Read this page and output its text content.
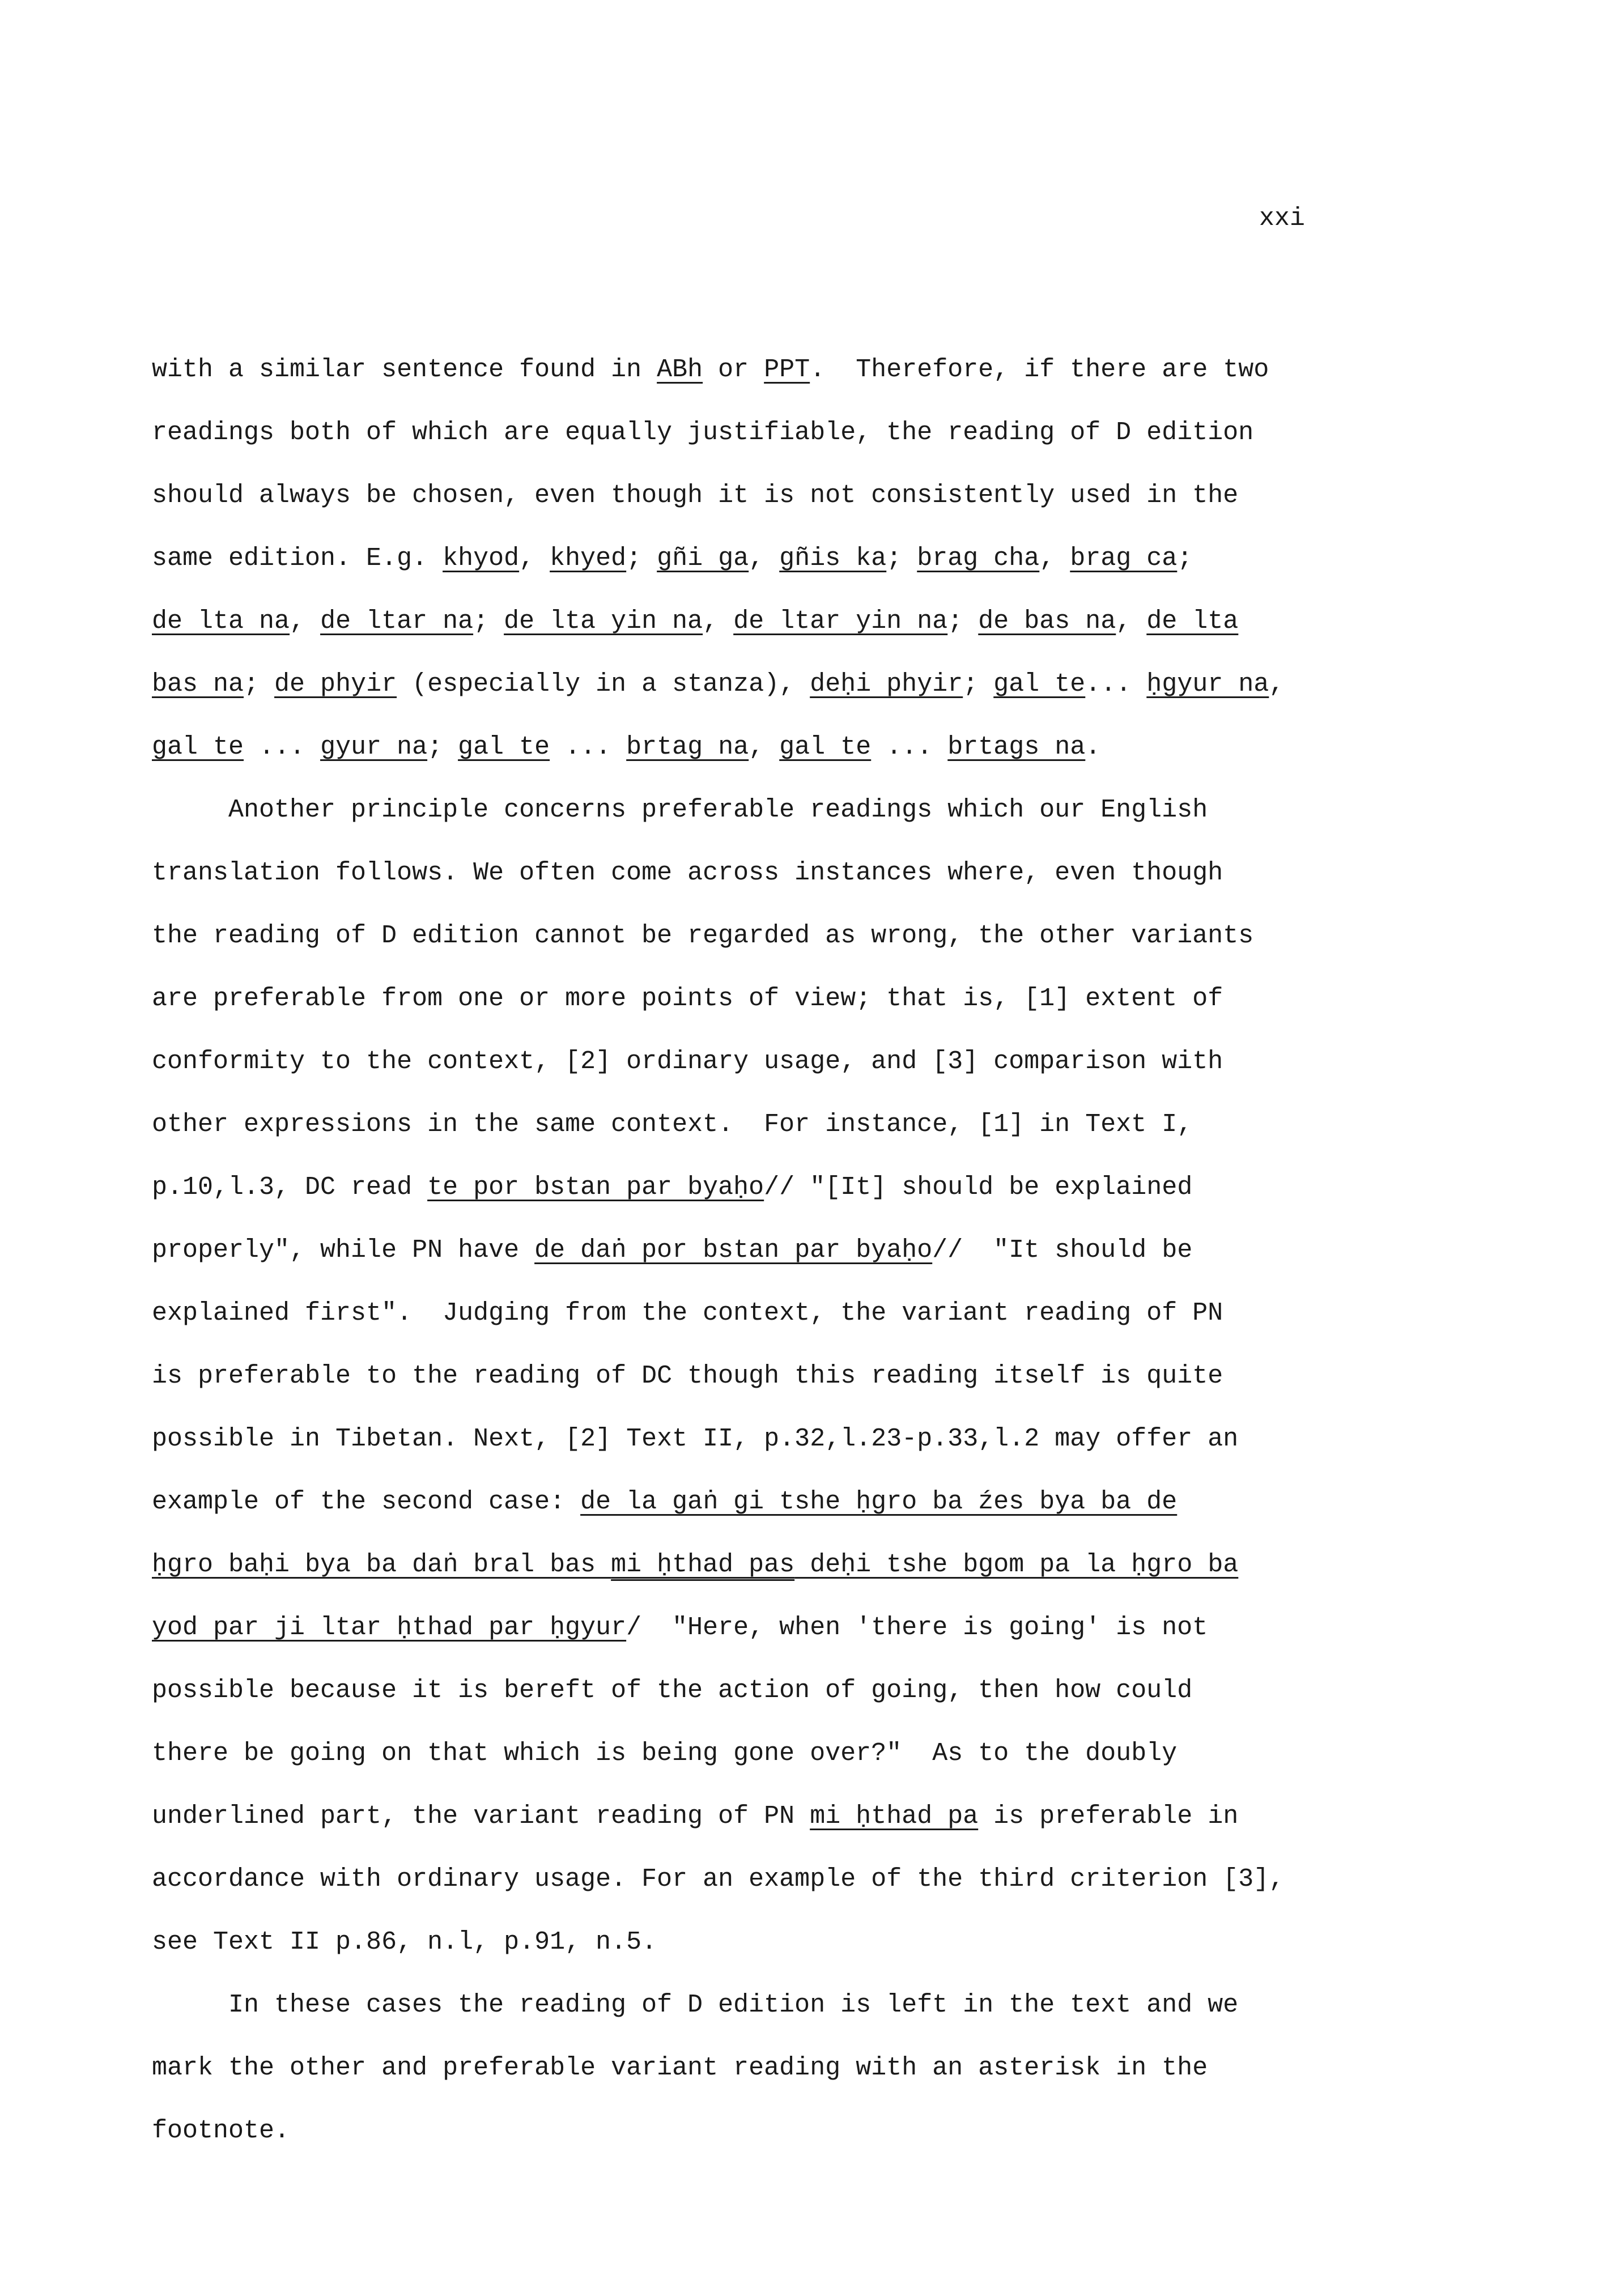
xxi
with a similar sentence found in ABh or PPT.  Therefore, if there are two
readings both of which are equally justifiable, the reading of D edition
should always be chosen, even though it is not consistently used in the
same edition. E.g. khyod, khyed; gñi ga, gñis ka; brag cha, brag ca;
de lta na, de ltar na; de lta yin na, de ltar yin na; de bas na, de lta
bas na; de phyir (especially in a stanza), deḥi phyir; gal te... ḥgyur na,
gal te ... gyur na; gal te ... brtag na, gal te ... brtags na.
Another principle concerns preferable readings which our English
translation follows. We often come across instances where, even though
the reading of D edition cannot be regarded as wrong, the other variants
are preferable from one or more points of view; that is, [1] extent of
conformity to the context, [2] ordinary usage, and [3] comparison with
other expressions in the same context.  For instance, [1] in Text I,
p.10,l.3, DC read te por bstan par byaḥo// "[It] should be explained
properly", while PN have de daṅ por bstan par byaḥo//  "It should be
explained first".  Judging from the context, the variant reading of PN
is preferable to the reading of DC though this reading itself is quite
possible in Tibetan. Next, [2] Text II, p.32,l.23-p.33,l.2 may offer an
example of the second case: de la gaṅ gi tshe ḥgro ba źes bya ba de
ḥgro baḥi bya ba daṅ bral bas mi ḥthad pas deḥi tshe bgom pa la ḥgro ba
yod par ji ltar ḥthad par ḥgyur/  "Here, when 'there is going' is not
possible because it is bereft of the action of going, then how could
there be going on that which is being gone over?"  As to the doubly
underlined part, the variant reading of PN mi ḥthad pa is preferable in
accordance with ordinary usage. For an example of the third criterion [3],
see Text II p.86, n.l, p.91, n.5.
In these cases the reading of D edition is left in the text and we
mark the other and preferable variant reading with an asterisk in the
footnote.
